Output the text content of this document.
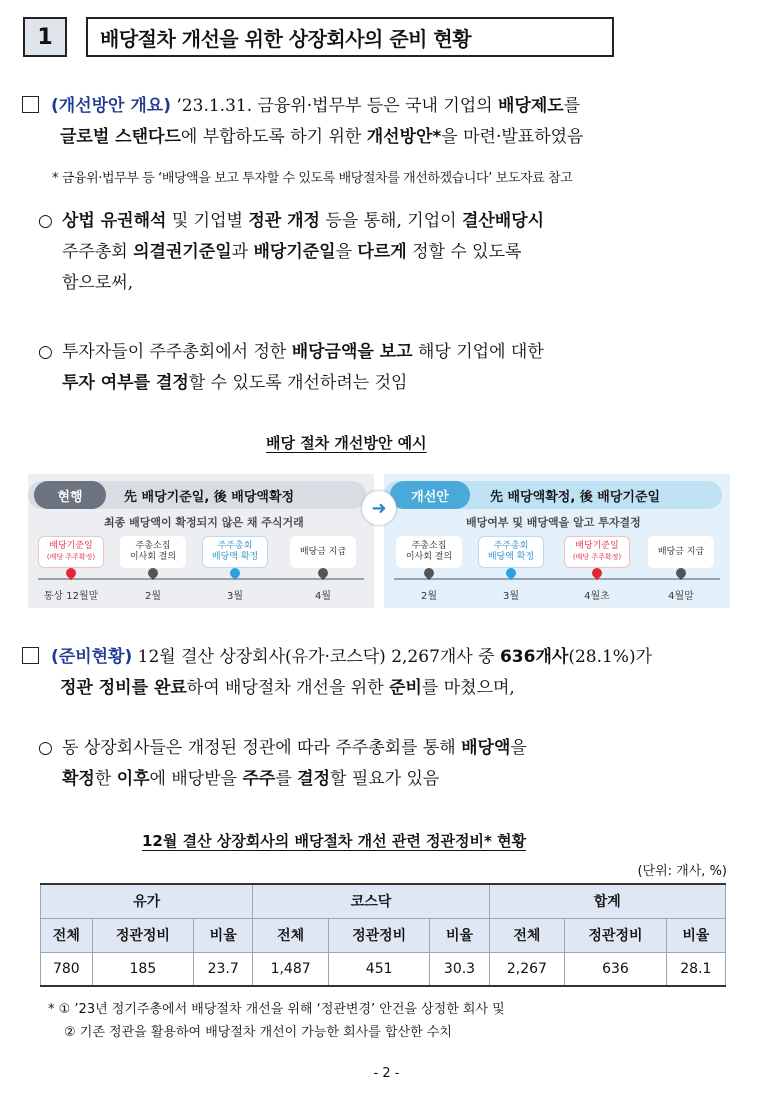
1	배당절차 개선을 위한 상장회사의 준비 현황
(개선방안 개요) ’23.1.31. 금융위·법무부 등은 국내 기업의 배당제도를
글로벌 스탠다드에 부합하도록 하기 위한 개선방안*을 마련·발표하였음
* 금융위·법무부 등 ‘배당액을 보고 투자할 수 있도록 배당절차를 개선하겠습니다’ 보도자료 참고
○ 상법 유권해석 및 기업별 정관 개정 등을 통해, 기업이 결산배당시
주주총회 의결권기준일과 배당기준일을 다르게 정할 수 있도록
함으로써,
○ 투자자들이 주주총회에서 정한 배당금액을 보고 해당 기업에 대한
투자 여부를 결정할 수 있도록 개선하려는 것임
배당 절차 개선방안 예시
현행	先 배당기준일, 後 배당액확정
최종 배당액이 확정되지 않은 채 주식거래
배당기준일
(배당 주주확정)
주총소집
이사회 결의
주주총회
배당액 확정
배당금 지급
통상 12월말	2월	3월	4월
➜
개선안	先 배당액확정, 後 배당기준일
배당여부 및 배당액을 알고 투자결정
주총소집
이사회 결의
주주총회
배당액 확정
배당기준일
(배당 주주확정)
배당금 지급
2월	3월	4월초	4월말
(준비현황) 12월 결산 상장회사(유가·코스닥) 2,267개사 중 636개사(28.1%)가
정관 정비를 완료하여 배당절차 개선을 위한 준비를 마쳤으며,
○ 동 상장회사들은 개정된 정관에 따라 주주총회를 통해 배당액을
확정한 이후에 배당받을 주주를 결정할 필요가 있음
12월 결산 상장회사의 배당절차 개선 관련 정관정비* 현황
(단위: 개사, %)
유가			코스닥			합계		
전체	정관정비	비율	전체	정관정비	비율	전체	정관정비	비율
780	185	23.7	1,487	451	30.3	2,267	636	28.1
* ① ’23년 정기주총에서 배당절차 개선을 위해 ‘정관변경’ 안건을 상정한 회사 및
② 기존 정관을 활용하여 배당절차 개선이 가능한 회사를 합산한 수치
- 2 -
